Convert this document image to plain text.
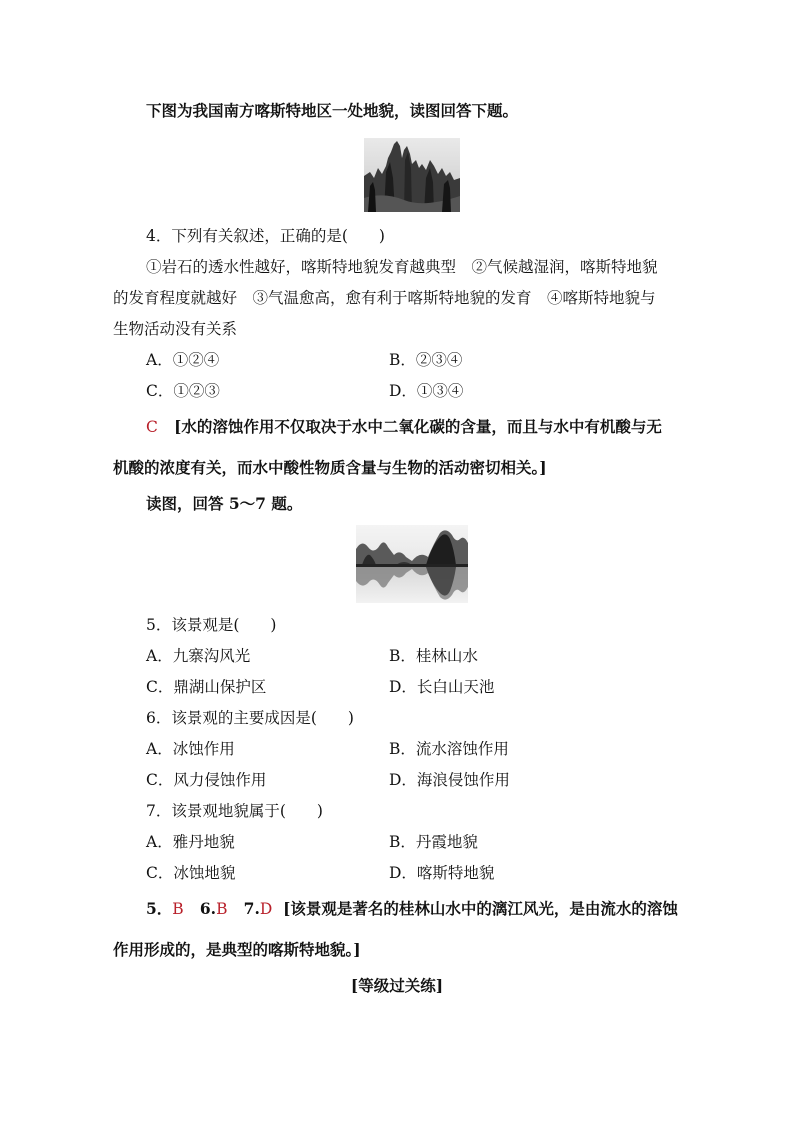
下图为我国南方喀斯特地区一处地貌，读图回答下题。
4．下列有关叙述，正确的是(　　)
①岩石的透水性越好，喀斯特地貌发育越典型　②气候越湿润，喀斯特地貌
的发育程度就越好　③气温愈高，愈有利于喀斯特地貌的发育　④喀斯特地貌与
生物活动没有关系
A．①②④	B．②③④
C．①②③	D．①③④
C [水的溶蚀作用不仅取决于水中二氧化碳的含量，而且与水中有机酸与无
机酸的浓度有关，而水中酸性物质含量与生物的活动密切相关。]
读图，回答 5～7 题。
5．该景观是(　　)
A．九寨沟风光	B．桂林山水
C．鼎湖山保护区	D．长白山天池
6．该景观的主要成因是(　　)
A．冰蚀作用	B．流水溶蚀作用
C．风力侵蚀作用	D．海浪侵蚀作用
7．该景观地貌属于(　　)
A．雅丹地貌	B．丹霞地貌
C．冰蚀地貌	D．喀斯特地貌
5．B 6.B 7.D [该景观是著名的桂林山水中的漓江风光，是由流水的溶蚀
作用形成的，是典型的喀斯特地貌。]
[等级过关练]
